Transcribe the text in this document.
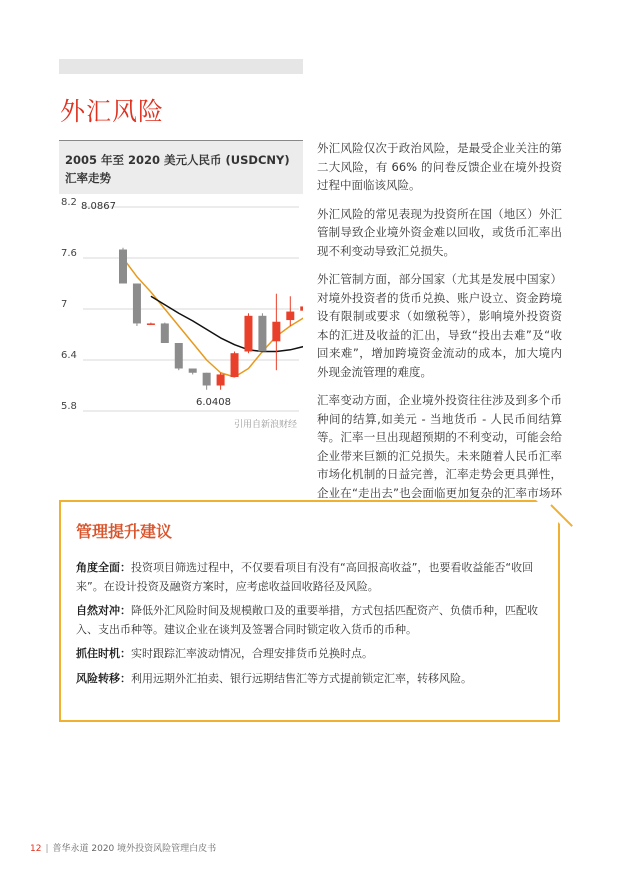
外汇风险
2005 年至 2020 美元人民币 (USDCNY)
汇率走势
8.2
7.6
7
6.4
5.8
8.0867
6.0408
引用自新浪财经

外汇风险仅次于政治风险，是最受企业关注的第二大风险，有 66% 的问卷反馈企业在境外投资过程中面临该风险。

外汇风险的常见表现为投资所在国（地区）外汇管制导致企业境外资金难以回收，或货币汇率出现不利变动导致汇兑损失。

外汇管制方面，部分国家（尤其是发展中国家）对境外投资者的货币兑换、账户设立、资金跨境设有限制或要求（如缴税等），影响境外投资资本的汇进及收益的汇出，导致“投出去难”及“收回来难”，增加跨境资金流动的成本，加大境内外现金流管理的难度。

汇率变动方面，企业境外投资往往涉及到多个币种间的结算,如美元 - 当地货币 - 人民币间结算等。汇率一旦出现超预期的不利变动，可能会给企业带来巨额的汇兑损失。未来随着人民币汇率市场化机制的日益完善，汇率走势会更具弹性，企业在“走出去”也会面临更加复杂的汇率市场环

管理提升建议

角度全面：投资项目筛选过程中，不仅要看项目有没有“高回报高收益”，也要看收益能否“收回来”。在设计投资及融资方案时，应考虑收益回收路径及风险。

自然对冲：降低外汇风险时间及规模敞口及的重要举措，方式包括匹配资产、负债币种，匹配收入、支出币种等。建议企业在谈判及签署合同时锁定收入货币的币种。

抓住时机：实时跟踪汇率波动情况，合理安排货币兑换时点。

风险转移：利用远期外汇拍卖、银行远期结售汇等方式提前锁定汇率，转移风险。

12 | 普华永道 2020 境外投资风险管理白皮书
